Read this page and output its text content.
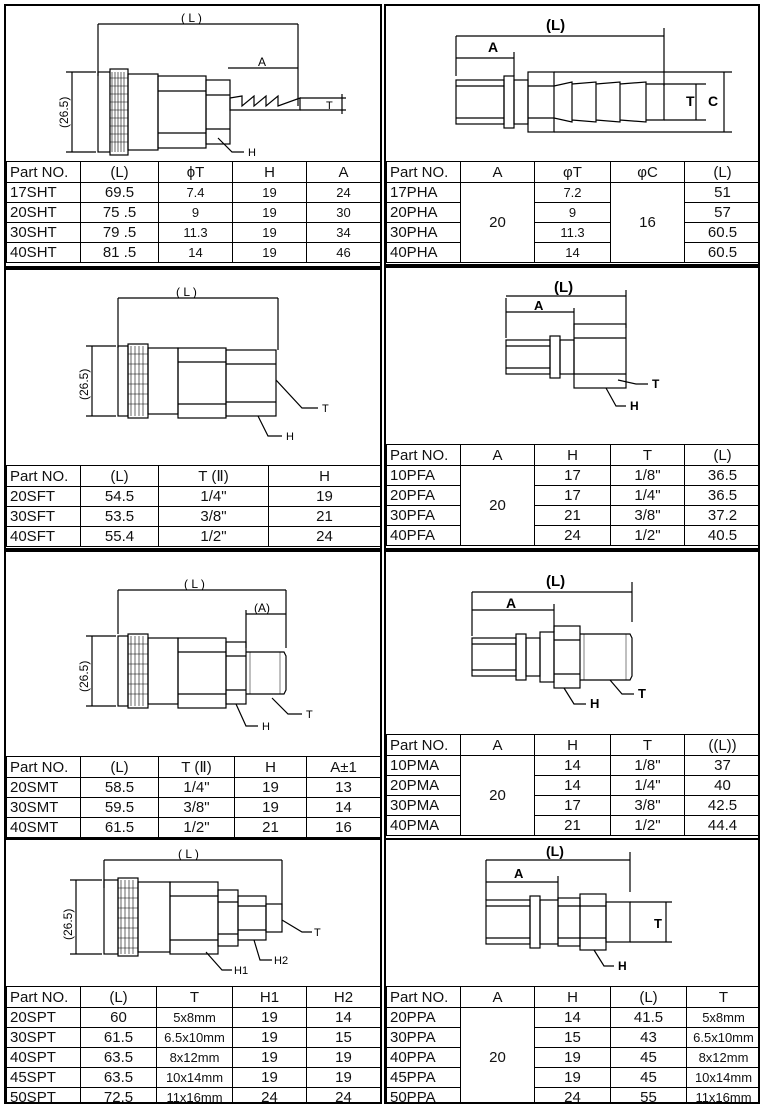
( L )
A
T
H
(26.5)
Part NO.	(L)	ϕT	H	A
17SHT	69.5	7.4	19	24
20SHT	75 .5	9	19	30
30SHT	79 .5	11.3	19	34
40SHT	81 .5	14	19	46
(L)
A
T C
Part NO.	A	φT	φC	(L)
17PHA	20	7.2	16	51
20PHA		9		57
30PHA		11.3		60.5
40PHA		14		60.5
( L )
T
H
(26.5)
Part NO.	(L)	T (Ⅱ)	H
20SFT	54.5	1/4"	19
30SFT	53.5	3/8"	21
40SFT	55.4	1/2"	24
(L)
A
T
H
Part NO.	A	H	T	(L)
10PFA	20	17	1/8"	36.5
20PFA		17	1/4"	36.5
30PFA		21	3/8"	37.2
40PFA		24	1/2"	40.5
( L )
(A)
T
H
(26.5)
Part NO.	(L)	T (Ⅱ)	H	A±1
20SMT	58.5	1/4"	19	13
30SMT	59.5	3/8"	19	14
40SMT	61.5	1/2"	21	16
(L)
A
T
H
Part NO.	A	H	T	((L))
10PMA	20	14	1/8"	37
20PMA		14	1/4"	40
30PMA		17	3/8"	42.5
40PMA		21	1/2"	44.4
( L )
T
H2
H1
(26.5)
Part NO.	(L)	T	H1	H2
20SPT	60	5x8mm	19	14
30SPT	61.5	6.5x10mm	19	15
40SPT	63.5	8x12mm	19	19
45SPT	63.5	10x14mm	19	19
50SPT	72.5	11x16mm	24	24
(L)
A
T
H
Part NO.	A	H	(L)	T
20PPA	20	14	41.5	5x8mm
30PPA		15	43	6.5x10mm
40PPA		19	45	8x12mm
45PPA		19	45	10x14mm
50PPA		24	55	11x16mm
